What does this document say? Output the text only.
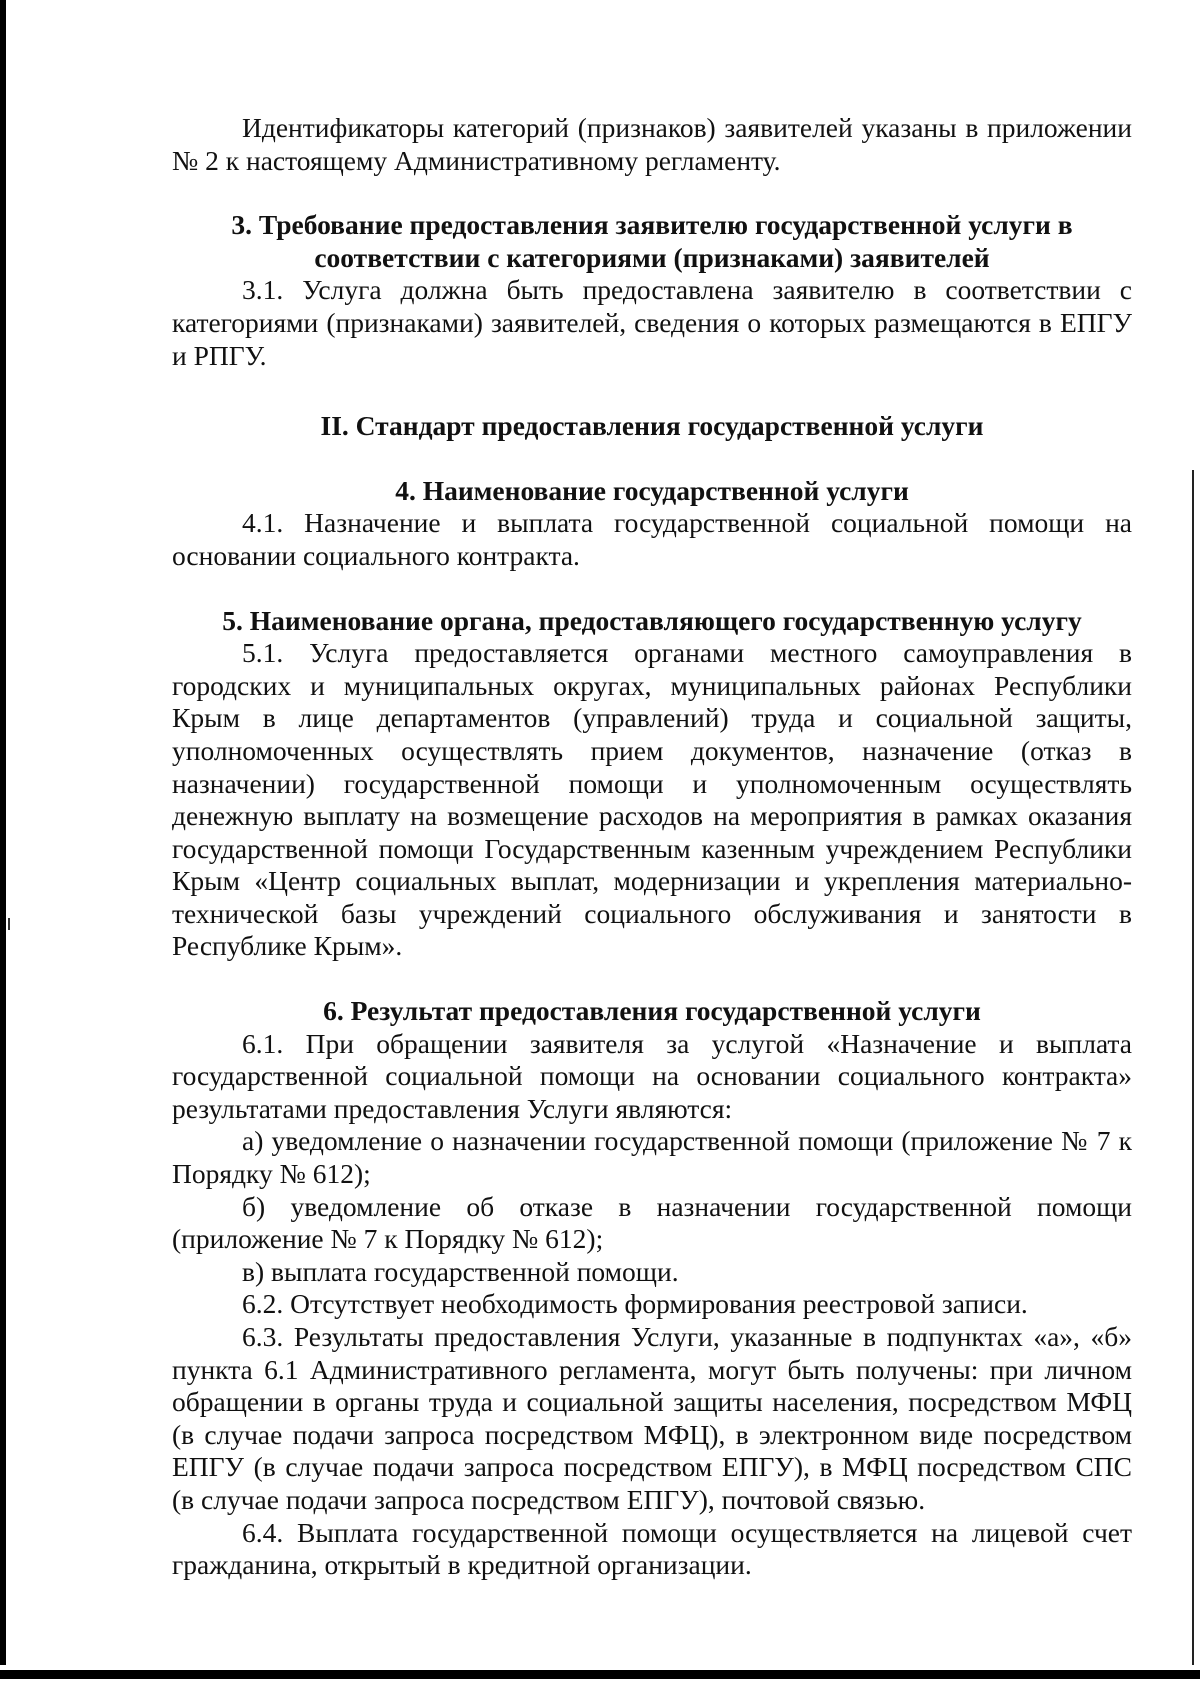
Идентификаторы категорий (признаков) заявителей указаны в приложении № 2 к настоящему Административному регламенту.

3. Требование предоставления заявителю государственной услуги в

соответствии с категориями (признаками) заявителей

3.1. Услуга должна быть предоставлена заявителю в соответствии с категориями (признаками) заявителей, сведения о которых размещаются в ЕПГУ и РПГУ.

II. Стандарт предоставления государственной услуги

4. Наименование государственной услуги

4.1. Назначение и выплата государственной социальной помощи на основании социального контракта.

5. Наименование органа, предоставляющего государственную услугу

5.1. Услуга предоставляется органами местного самоуправления в городских и муниципальных округах, муниципальных районах Республики Крым в лице департаментов (управлений) труда и социальной защиты, уполномоченных осуществлять прием документов, назначение (отказ в назначении) государственной помощи и уполномоченным осуществлять денежную выплату на возмещение расходов на мероприятия в рамках оказания государственной помощи Государственным казенным учреждением Республики Крым «Центр социальных выплат, модернизации и укрепления материально-технической базы учреждений социального обслуживания и занятости в Республике Крым».

6. Результат предоставления государственной услуги

6.1. При обращении заявителя за услугой «Назначение и выплата государственной социальной помощи на основании социального контракта» результатами предоставления Услуги являются:

а) уведомление о назначении государственной помощи (приложение № 7 к Порядку № 612);

б) уведомление об отказе в назначении государственной помощи (приложение № 7 к Порядку № 612);

в) выплата государственной помощи.

6.2. Отсутствует необходимость формирования реестровой записи.

6.3. Результаты предоставления Услуги, указанные в подпунктах «а», «б» пункта 6.1 Административного регламента, могут быть получены: при личном обращении в органы труда и социальной защиты населения, посредством МФЦ (в случае подачи запроса посредством МФЦ), в электронном виде посредством ЕПГУ (в случае подачи запроса посредством ЕПГУ), в МФЦ посредством СПС (в случае подачи запроса посредством ЕПГУ), почтовой связью.

6.4. Выплата государственной помощи осуществляется на лицевой счет гражданина, открытый в кредитной организации.
